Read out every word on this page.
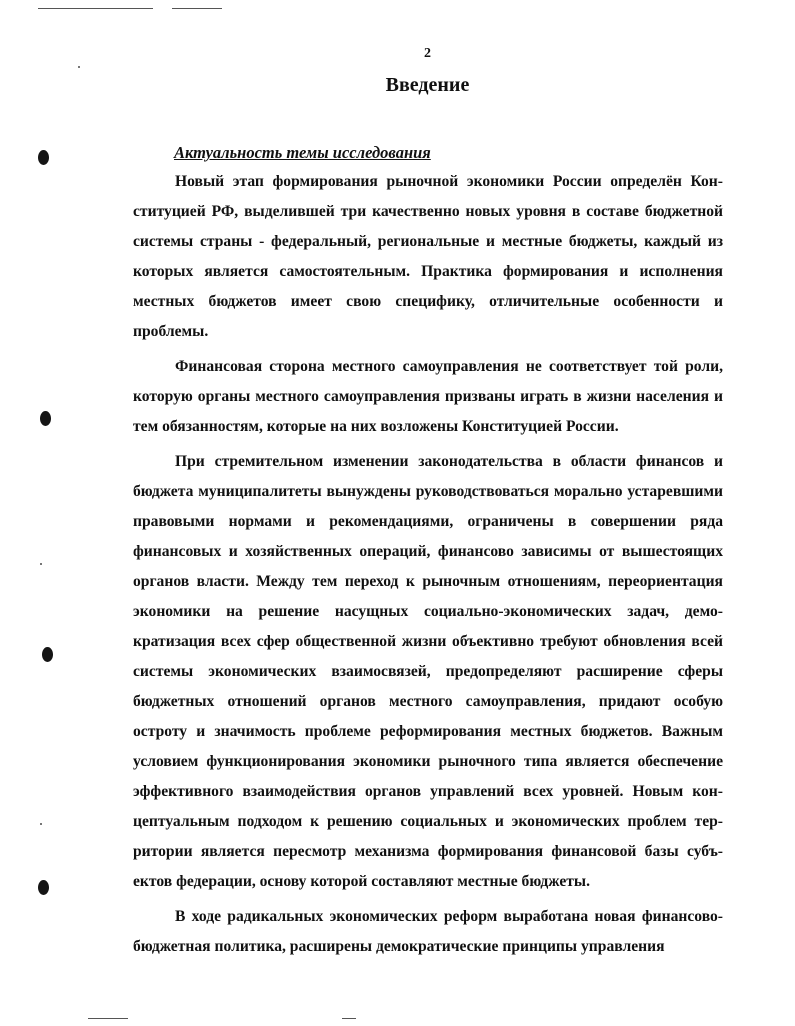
2
Введение
Актуальность темы исследования

Новый этап формирования рыночной экономики России определён Конституцией РФ, выделившей три качественно новых уровня в составе бюджетной системы страны - федеральный, региональные и местные бюджеты, каждый из которых является самостоятельным. Практика формирования и исполнения местных бюджетов имеет свою специфику, отличительные особенности и проблемы.

Финансовая сторона местного самоуправления не соответствует той роли, которую органы местного самоуправления призваны играть в жизни населения и тем обязанностям, которые на них возложены Конституцией России.

При стремительном изменении законодательства в области финансов и бюджета муниципалитеты вынуждены руководствоваться морально устаревшими правовыми нормами и рекомендациями, ограничены в совершении ряда финансовых и хозяйственных операций, финансово зависимы от вышестоящих органов власти. Между тем переход к рыночным отношениям, переориентация экономики на решение насущных социально-экономических задач, демократизация всех сфер общественной жизни объективно требуют обновления всей системы экономических взаимосвязей, предопределяют расширение сферы бюджетных отношений органов местного самоуправления, придают особую остроту и значимость проблеме реформирования местных бюджетов. Важным условием функционирования экономики рыночного типа является обеспечение эффективного взаимодействия органов управлений всех уровней. Новым концептуальным подходом к решению социальных и экономических проблем территории является пересмотр механизма формирования финансовой базы субъектов федерации, основу которой составляют местные бюджеты.

В ходе радикальных экономических реформ выработана новая финансово-бюджетная политика, расширены демократические принципы управления
